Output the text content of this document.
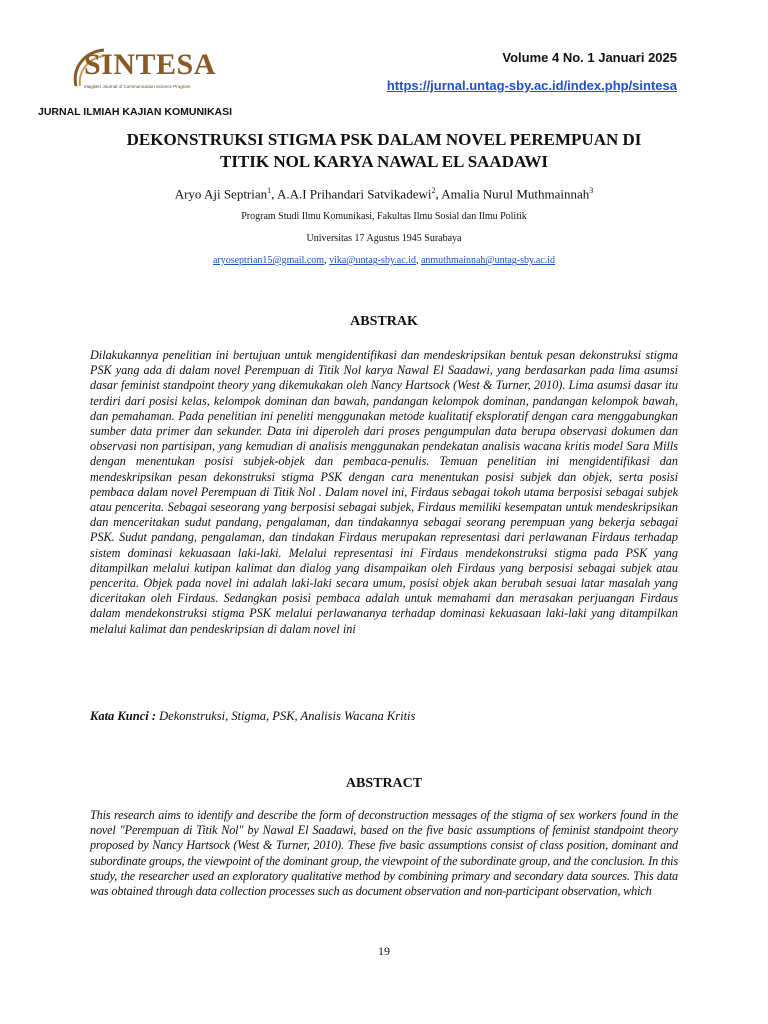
SINTESA
Magister Journal of Communication Science Program
JURNAL ILMIAH KAJIAN KOMUNIKASI
Volume 4 No. 1 Januari 2025
https://jurnal.untag-sby.ac.id/index.php/sintesa
DEKONSTRUKSI STIGMA PSK DALAM NOVEL PEREMPUAN DI
TITIK NOL KARYA NAWAL EL SAADAWI
Aryo Aji Septrian$^1$, A.A.I Prihandari Satvikadewi$^2$, Amalia Nurul Muthmainnah$^3$
Program Studi Ilmu Komunikasi, Fakultas Ilmu Sosial dan Ilmu Politik
Universitas 17 Agustus 1945 Surabaya
aryoseptrian15@gmail.com, vika@untag-sby.ac.id, anmuthmainnah@untag-sby.ac.id
ABSTRAK

Dilakukannya penelitian ini bertujuan untuk mengidentifikasi dan mendeskripsikan bentuk pesan dekonstruksi stigma PSK yang ada di dalam novel Perempuan di Titik Nol karya Nawal El Saadawi, yang berdasarkan pada lima asumsi dasar feminist standpoint theory yang dikemukakan oleh Nancy Hartsock (West & Turner, 2010). Lima asumsi dasar itu terdiri dari posisi kelas, kelompok dominan dan bawah, pandangan kelompok dominan, pandangan kelompok bawah, dan pemahaman. Pada penelitian ini peneliti menggunakan metode kualitatif eksploratif dengan cara menggabungkan sumber data primer dan sekunder. Data ini diperoleh dari proses pengumpulan data berupa observasi dokumen dan observasi non partisipan, yang kemudian di analisis menggunakan pendekatan analisis wacana kritis model Sara Mills dengan menentukan posisi subjek-objek dan pembaca-penulis. Temuan penelitian ini mengidentifikasi dan mendeskripsikan pesan dekonstruksi stigma PSK dengan cara menentukan posisi subjek dan objek, serta posisi pembaca dalam novel Perempuan di Titik Nol . Dalam novel ini, Firdaus sebagai tokoh utama berposisi sebagai subjek atau pencerita. Sebagai seseorang yang berposisi sebagai subjek, Firdaus memiliki kesempatan untuk mendeskripsikan dan menceritakan sudut pandang, pengalaman, dan tindakannya sebagai seorang perempuan yang bekerja sebagai PSK. Sudut pandang, pengalaman, dan tindakan Firdaus merupakan representasi dari perlawanan Firdaus terhadap sistem dominasi kekuasaan laki-laki. Melalui representasi ini Firdaus mendekonstruksi stigma pada PSK yang ditampilkan melalui kutipan kalimat dan dialog yang disampaikan oleh Firdaus yang berposisi sebagai subjek atau pencerita. Objek pada novel ini adalah laki-laki secara umum, posisi objek akan berubah sesuai latar masalah yang diceritakan oleh Firdaus. Sedangkan posisi pembaca adalah untuk memahami dan merasakan perjuangan Firdaus dalam mendekonstruksi stigma PSK melalui perlawananya terhadap dominasi kekuasaan laki-laki yang ditampilkan melalui kalimat dan pendeskripsian di dalam novel ini

Kata Kunci : Dekonstruksi, Stigma, PSK, Analisis Wacana Kritis
ABSTRACT

This research aims to identify and describe the form of deconstruction messages of the stigma of sex workers found in the novel "Perempuan di Titik Nol" by Nawal El Saadawi, based on the five basic assumptions of feminist standpoint theory proposed by Nancy Hartsock (West & Turner, 2010). These five basic assumptions consist of class position, dominant and subordinate groups, the viewpoint of the dominant group, the viewpoint of the subordinate group, and the conclusion. In this study, the researcher used an exploratory qualitative method by combining primary and secondary data sources. This data was obtained through data collection processes such as document observation and non-participant observation, which

19
